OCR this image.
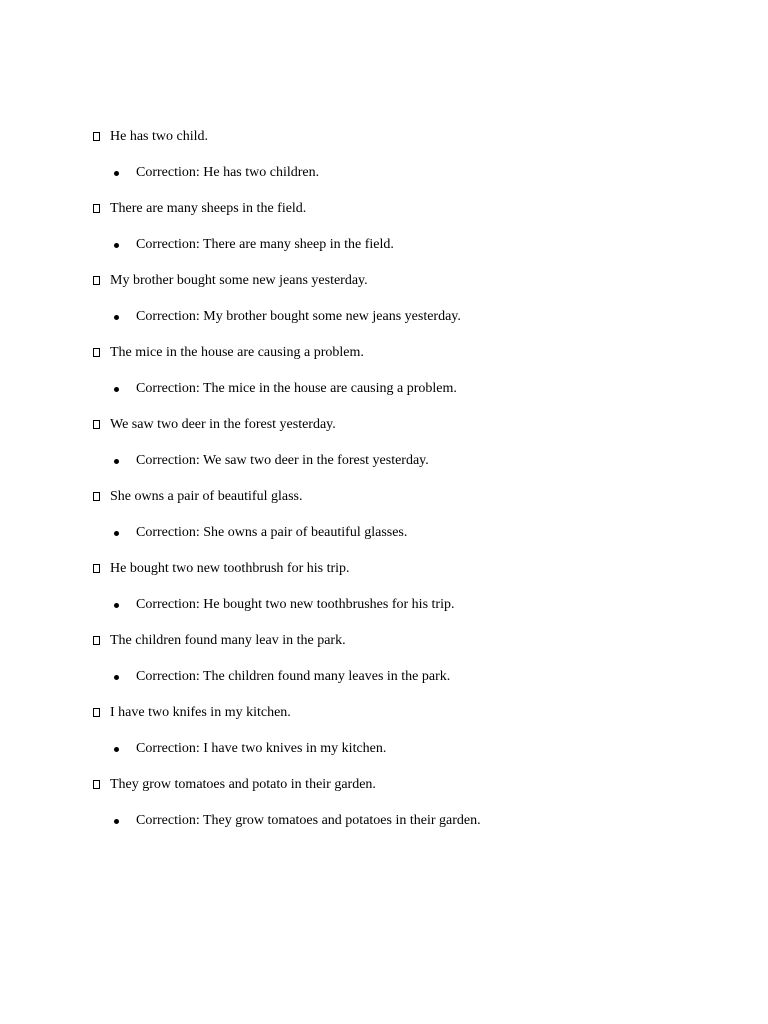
He has two child.
Correction: He has two children.
There are many sheeps in the field.
Correction: There are many sheep in the field.
My brother bought some new jeans yesterday.
Correction: My brother bought some new jeans yesterday.
The mice in the house are causing a problem.
Correction: The mice in the house are causing a problem.
We saw two deer in the forest yesterday.
Correction: We saw two deer in the forest yesterday.
She owns a pair of beautiful glass.
Correction: She owns a pair of beautiful glasses.
He bought two new toothbrush for his trip.
Correction: He bought two new toothbrushes for his trip.
The children found many leav in the park.
Correction: The children found many leaves in the park.
I have two knifes in my kitchen.
Correction: I have two knives in my kitchen.
They grow tomatoes and potato in their garden.
Correction: They grow tomatoes and potatoes in their garden.
